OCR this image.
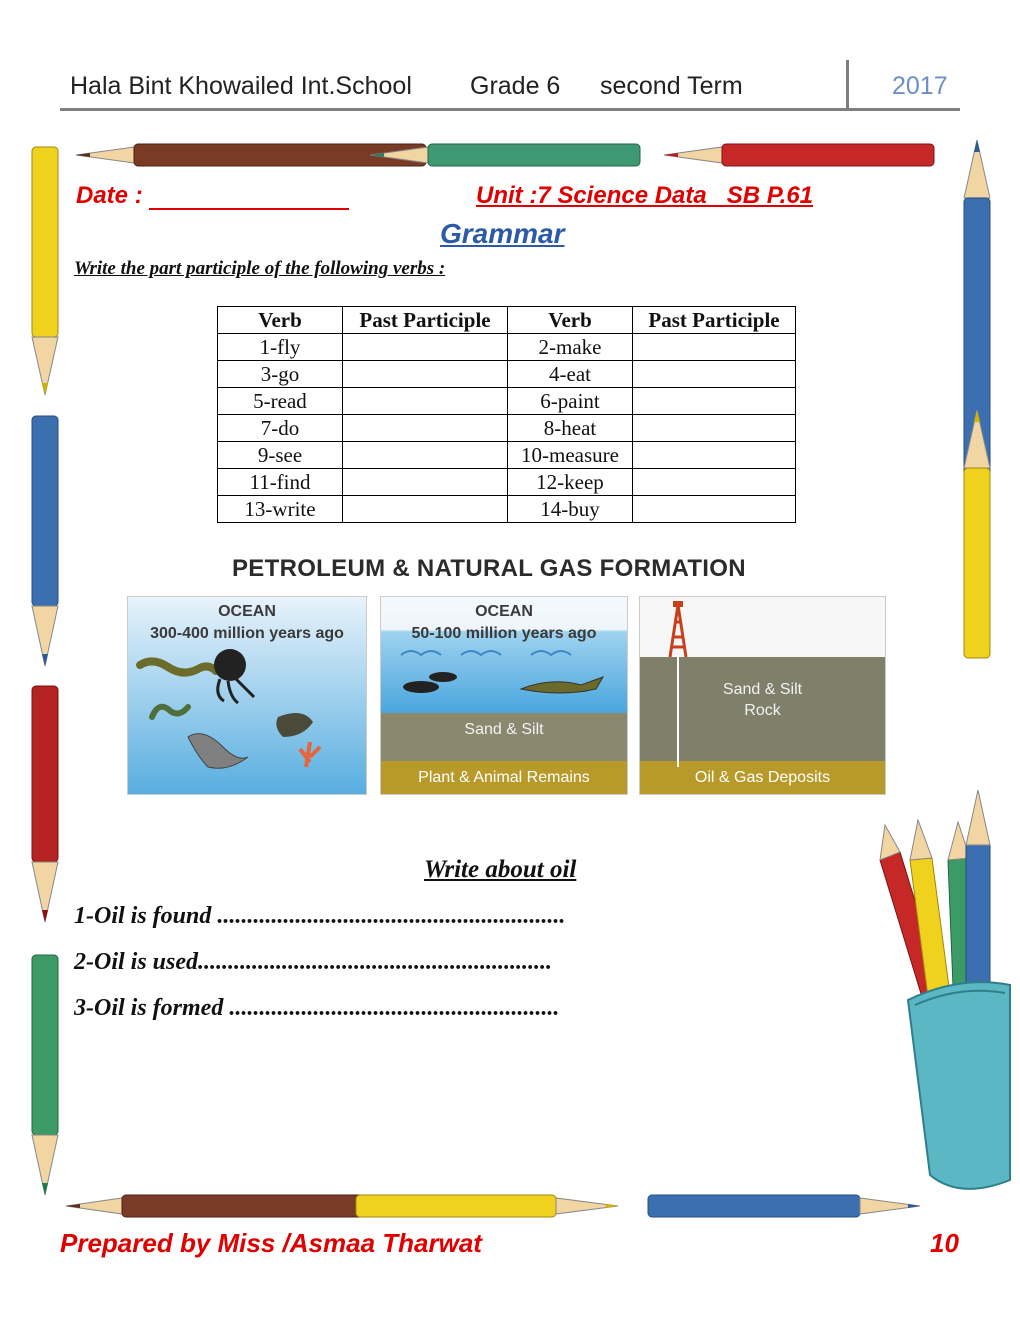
Hala Bint Khowailed Int.School Grade 6 second Term	2017
Date :	Unit :7 Science Data   SB P.61
Grammar
Write the part participle of the following verbs :
Verb	Past Participle	Verb	Past Participle
1-fly		2-make	
3-go		4-eat	
5-read		6-paint	
7-do		8-heat	
9-see		10-measure	
11-find		12-keep	
13-write		14-buy	
PETROLEUM & NATURAL GAS FORMATION
OCEAN
300-400 million years ago
OCEAN
50-100 million years ago
Sand & Silt
Plant & Animal Remains
Sand & Silt
Rock
Oil & Gas Deposits
Write about oil
1-Oil is found ..........................................................
2-Oil is used...........................................................
3-Oil is formed .......................................................
Prepared by Miss /Asmaa Tharwat	10
